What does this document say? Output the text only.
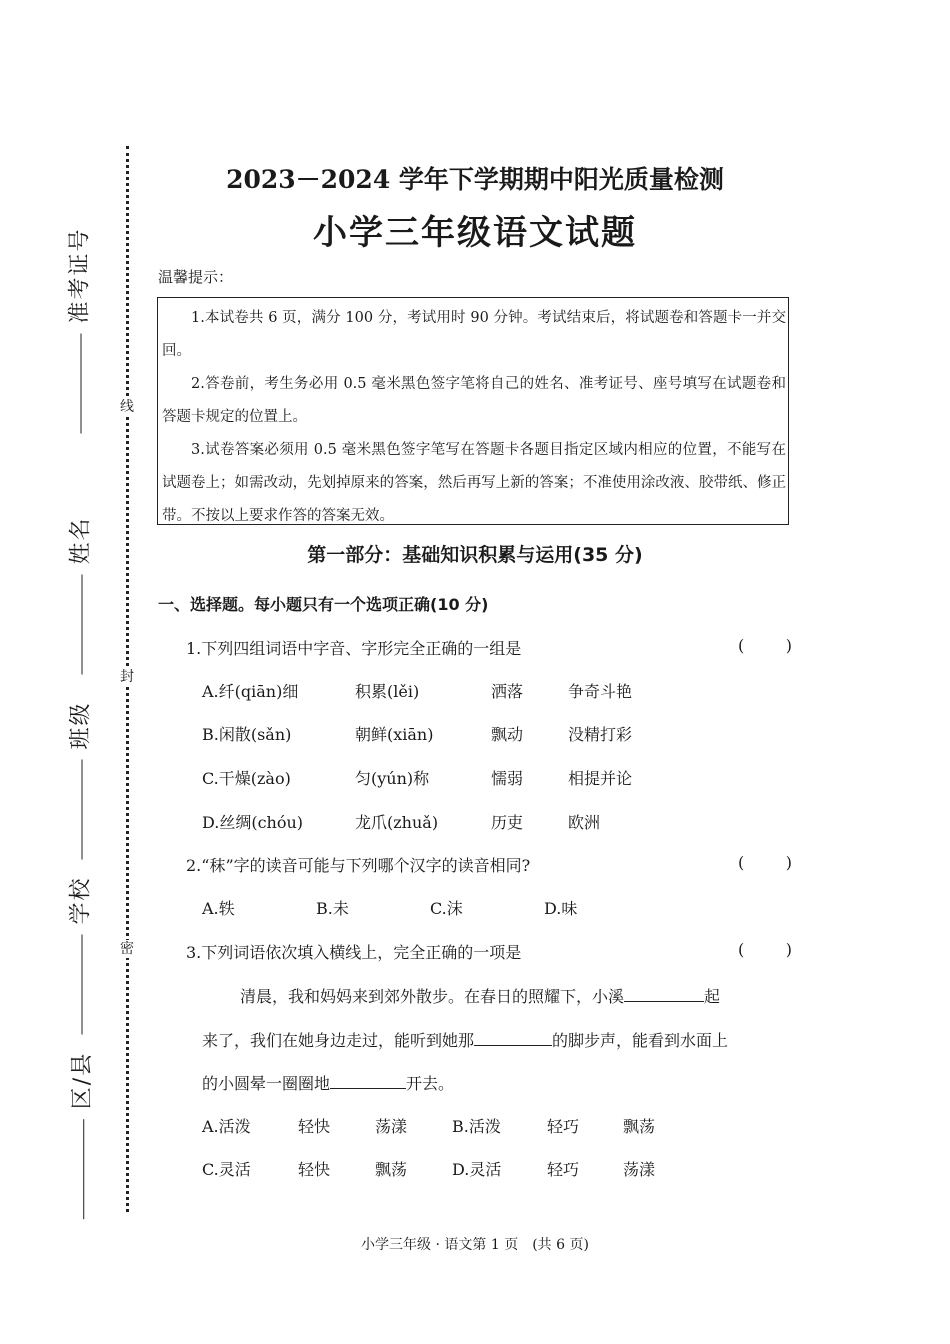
线
封
密
准考证号
姓名
班级
学校
区/县
2023－2024 学年下学期期中阳光质量检测
小学三年级语文试题
温馨提示：

1.本试卷共 6 页，满分 100 分，考试用时 90 分钟。考试结束后，将试题卷和答题卡一并交回。

2.答卷前，考生务必用 0.5 毫米黑色签字笔将自己的姓名、准考证号、座号填写在试题卷和答题卡规定的位置上。

3.试卷答案必须用 0.5 毫米黑色签字笔写在答题卡各题目指定区域内相应的位置，不能写在试题卷上；如需改动，先划掉原来的答案，然后再写上新的答案；不准使用涂改液、胶带纸、修正带。不按以上要求作答的答案无效。

第一部分：基础知识积累与运用(35 分)
一、选择题。每小题只有一个选项正确(10 分)
1.下列四组词语中字音、字形完全正确的一组是	(	)
A.纤(qiān)细	积累(lěi)	洒落	争奇斗艳
B.闲散(sǎn)	朝鲜(xiān)	飘动	没精打彩
C.干燥(zào)	匀(yún)称	懦弱	相提并论
D.丝绸(chóu)	龙爪(zhuǎ)	历吏	欧洲
2.“秣”字的读音可能与下列哪个汉字的读音相同?	(	)
A.轶	B.未	C.沫	D.味
3.下列词语依次填入横线上，完全正确的一项是	(	)
清晨，我和妈妈来到郊外散步。在春日的照耀下，小溪	起
来了，我们在她身边走过，能听到她那	的脚步声，能看到水面上
的小圆晕一圈圈地	开去。
A.活泼	轻快	荡漾	B.活泼	轻巧	飘荡
C.灵活	轻快	飘荡	D.灵活	轻巧	荡漾
小学三年级 · 语文第 1 页　(共 6 页)
